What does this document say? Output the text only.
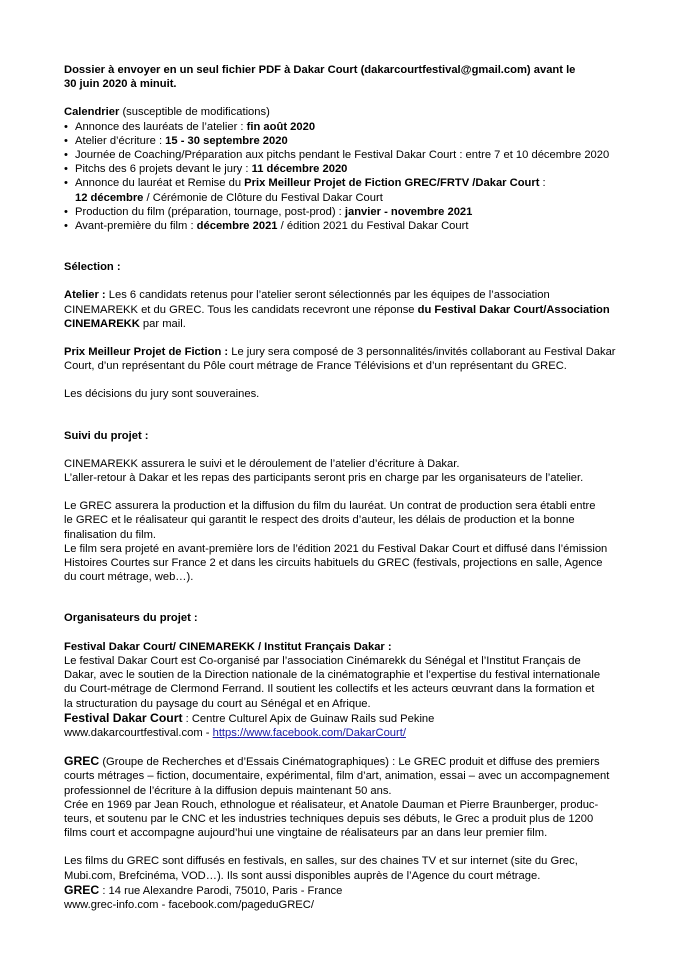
Dossier à envoyer en un seul fichier PDF à Dakar Court (dakarcourtfestival@gmail.com) avant le

30 juin 2020 à minuit.

Calendrier (susceptible de modifications)

• Annonce des lauréats de l’atelier : fin août 2020
• Atelier d’écriture : 15 - 30 septembre 2020
• Journée de Coaching/Préparation aux pitchs pendant le Festival Dakar Court : entre 7 et 10 décembre 2020
• Pitchs des 6 projets devant le jury : 11 décembre 2020
• Annonce du lauréat et Remise du Prix Meilleur Projet de Fiction GREC/FRTV /Dakar Court :
12 décembre / Cérémonie de Clôture du Festival Dakar Court
• Production du film (préparation, tournage, post-prod) : janvier - novembre 2021
• Avant-première du film : décembre 2021 / édition 2021 du Festival Dakar Court

Sélection :

Atelier : Les 6 candidats retenus pour l’atelier seront sélectionnés par les équipes de l’association

CINEMAREKK et du GREC. Tous les candidats recevront une réponse du Festival Dakar Court/Association

CINEMAREKK par mail.

Prix Meilleur Projet de Fiction : Le jury sera composé de 3 personnalités/invités collaborant au Festival Dakar

Court, d’un représentant du Pôle court métrage de France Télévisions et d’un représentant du GREC.

Les décisions du jury sont souveraines.

Suivi du projet :

CINEMAREKK assurera le suivi et le déroulement de l’atelier d’écriture à Dakar.

L’aller-retour à Dakar et les repas des participants seront pris en charge par les organisateurs de l’atelier.

Le GREC assurera la production et la diffusion du film du lauréat. Un contrat de production sera établi entre

le GREC et le réalisateur qui garantit le respect des droits d’auteur, les délais de production et la bonne

finalisation du film.

Le film sera projeté en avant-première lors de l’édition 2021 du Festival Dakar Court et diffusé dans l’émission

Histoires Courtes sur France 2 et dans les circuits habituels du GREC (festivals, projections en salle, Agence

du court métrage, web…).

Organisateurs du projet :

Festival Dakar Court/ CINEMAREKK / Institut Français Dakar :

Le festival Dakar Court est Co-organisé par l’association Cinémarekk du Sénégal et l’Institut Français de

Dakar, avec le soutien de la Direction nationale de la cinématographie et l’expertise du festival internationale

du Court-métrage de Clermond Ferrand. Il soutient les collectifs et les acteurs œuvrant dans la formation et

la structuration du paysage du court au Sénégal et en Afrique.

Festival Dakar Court : Centre Culturel Apix de Guinaw Rails sud Pekine

www.dakarcourtfestival.com - https://www.facebook.com/DakarCourt/

GREC (Groupe de Recherches et d’Essais Cinématographiques) : Le GREC produit et diffuse des premiers

courts métrages – fiction, documentaire, expérimental, film d’art, animation, essai – avec un accompagnement

professionnel de l’écriture à la diffusion depuis maintenant 50 ans.

Crée en 1969 par Jean Rouch, ethnologue et réalisateur, et Anatole Dauman et Pierre Braunberger, produc-

teurs, et soutenu par le CNC et les industries techniques depuis ses débuts, le Grec a produit plus de 1200

films court et accompagne aujourd’hui une vingtaine de réalisateurs par an dans leur premier film.

Les films du GREC sont diffusés en festivals, en salles, sur des chaines TV et sur internet (site du Grec,

Mubi.com, Brefcinéma, VOD…). Ils sont aussi disponibles auprès de l’Agence du court métrage.

GREC : 14 rue Alexandre Parodi, 75010, Paris - France

www.grec-info.com - facebook.com/pageduGREC/
